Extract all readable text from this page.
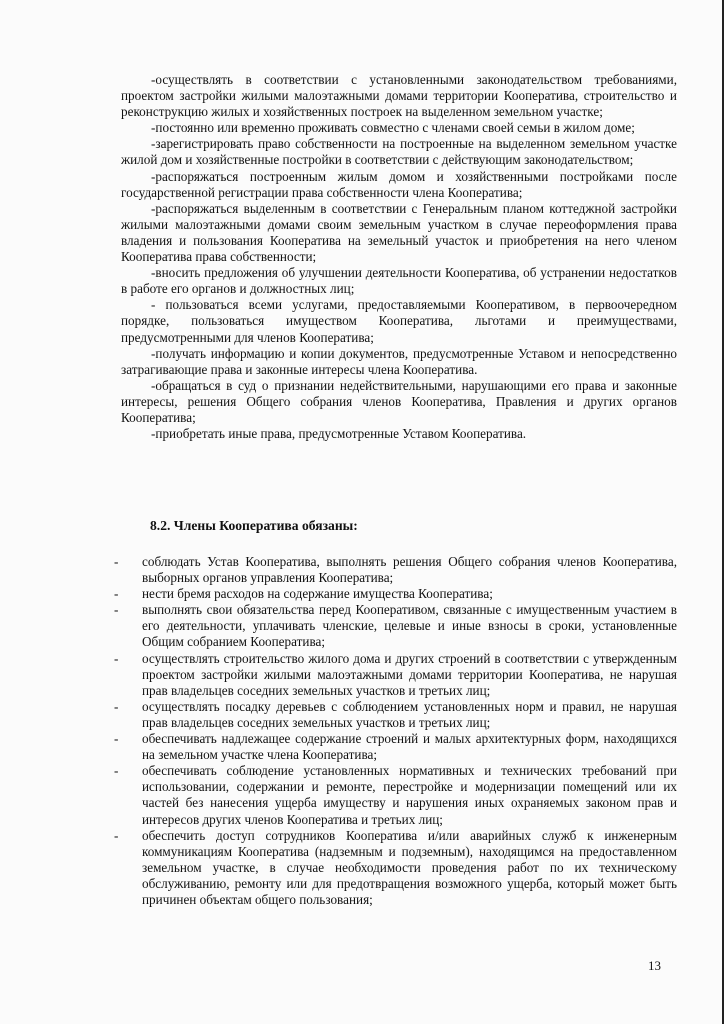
-осуществлять в соответствии с установленными законодательством требованиями, проектом застройки жилыми малоэтажными домами территории Кооператива, строительство и реконструкцию жилых и хозяйственных построек на выделенном земельном участке;

-постоянно или временно проживать совместно с членами своей семьи в жилом доме;

-зарегистрировать право собственности на построенные на выделенном земельном участке жилой дом и хозяйственные постройки в соответствии с действующим законодательством;

-распоряжаться построенным жилым домом и хозяйственными постройками после государственной регистрации права собственности члена Кооператива;

-распоряжаться выделенным в соответствии с Генеральным планом коттеджной застройки жилыми малоэтажными домами своим земельным участком в случае переоформления права владения и пользования Кооператива на земельный участок и приобретения на него членом Кооператива права собственности;

-вносить предложения об улучшении деятельности Кооператива, об устранении недостатков в работе его органов и должностных лиц;

- пользоваться всеми услугами, предоставляемыми Кооперативом, в первоочередном порядке, пользоваться имуществом Кооператива, льготами и преимуществами, предусмотренными для членов Кооператива;

-получать информацию и копии документов, предусмотренные Уставом и непосредственно затрагивающие права и законные интересы члена Кооператива.

-обращаться в суд о признании недействительными, нарушающими его права и законные интересы, решения Общего собрания членов Кооператива, Правления и других органов Кооператива;

-приобретать иные права, предусмотренные Уставом Кооператива.

8.2. Члены Кооператива обязаны:
-	соблюдать Устав Кооператива, выполнять решения Общего собрания членов Кооператива, выборных органов управления Кооператива;
-	нести бремя расходов на содержание имущества Кооператива;
-	выполнять свои обязательства перед Кооперативом, связанные с имущественным участием в его деятельности, уплачивать членские, целевые и иные взносы в сроки, установленные Общим собранием Кооператива;
-	осуществлять строительство жилого дома и других строений в соответствии с утвержденным проектом застройки жилыми малоэтажными домами территории Кооператива, не нарушая прав владельцев соседних земельных участков и третьих лиц;
-	осуществлять посадку деревьев с соблюдением установленных норм и правил, не нарушая прав владельцев соседних земельных участков и третьих лиц;
-	обеспечивать надлежащее содержание строений и малых архитектурных форм, находящихся на земельном участке члена Кооператива;
-	обеспечивать соблюдение установленных нормативных и технических требований при использовании, содержании и ремонте, перестройке и модернизации помещений или их частей без нанесения ущерба имуществу и нарушения иных охраняемых законом прав и интересов других членов Кооператива и третьих лиц;
-	обеспечить доступ сотрудников Кооператива и/или аварийных служб к инженерным коммуникациям Кооператива (надземным и подземным), находящимся на предоставленном земельном участке, в случае необходимости проведения работ по их техническому обслуживанию, ремонту или для предотвращения возможного ущерба, который может быть причинен объектам общего пользования;
13
